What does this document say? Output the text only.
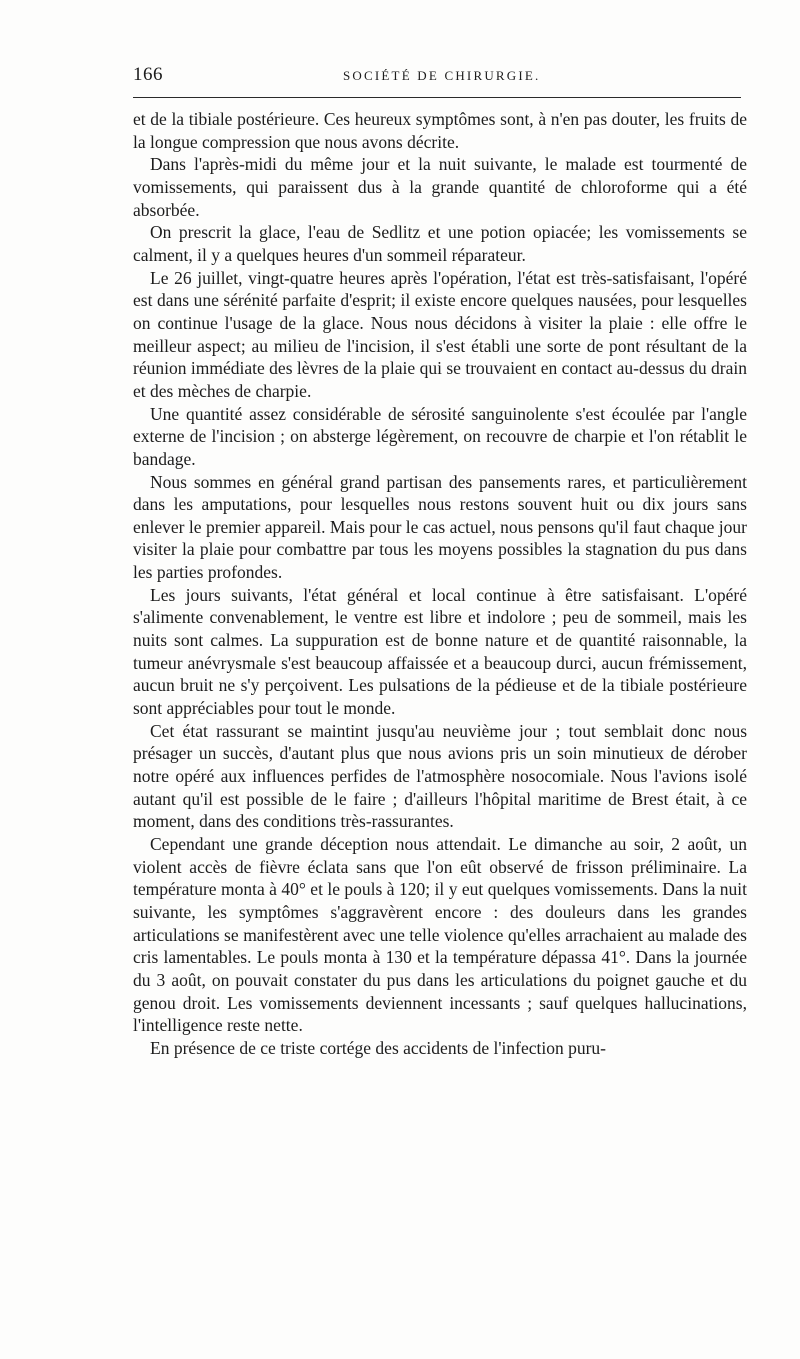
166	SOCIÉTÉ DE CHIRURGIE.

et de la tibiale postérieure. Ces heureux symptômes sont, à n'en pas douter, les fruits de la longue compression que nous avons décrite.

Dans l'après-midi du même jour et la nuit suivante, le malade est tourmenté de vomissements, qui paraissent dus à la grande quantité de chloroforme qui a été absorbée.

On prescrit la glace, l'eau de Sedlitz et une potion opiacée; les vomissements se calment, il y a quelques heures d'un sommeil réparateur.

Le 26 juillet, vingt-quatre heures après l'opération, l'état est très-satisfaisant, l'opéré est dans une sérénité parfaite d'esprit; il existe encore quelques nausées, pour lesquelles on continue l'usage de la glace. Nous nous décidons à visiter la plaie : elle offre le meilleur aspect; au milieu de l'incision, il s'est établi une sorte de pont résultant de la réunion immédiate des lèvres de la plaie qui se trouvaient en contact au-dessus du drain et des mèches de charpie.

Une quantité assez considérable de sérosité sanguinolente s'est écoulée par l'angle externe de l'incision ; on absterge légèrement, on recouvre de charpie et l'on rétablit le bandage.

Nous sommes en général grand partisan des pansements rares, et particulièrement dans les amputations, pour lesquelles nous restons souvent huit ou dix jours sans enlever le premier appareil. Mais pour le cas actuel, nous pensons qu'il faut chaque jour visiter la plaie pour combattre par tous les moyens possibles la stagnation du pus dans les parties profondes.

Les jours suivants, l'état général et local continue à être satisfaisant. L'opéré s'alimente convenablement, le ventre est libre et indolore ; peu de sommeil, mais les nuits sont calmes. La suppuration est de bonne nature et de quantité raisonnable, la tumeur anévrysmale s'est beaucoup affaissée et a beaucoup durci, aucun frémissement, aucun bruit ne s'y perçoivent. Les pulsations de la pédieuse et de la tibiale postérieure sont appréciables pour tout le monde.

Cet état rassurant se maintint jusqu'au neuvième jour ; tout semblait donc nous présager un succès, d'autant plus que nous avions pris un soin minutieux de dérober notre opéré aux influences perfides de l'atmosphère nosocomiale. Nous l'avions isolé autant qu'il est possible de le faire ; d'ailleurs l'hôpital maritime de Brest était, à ce moment, dans des conditions très-rassurantes.

Cependant une grande déception nous attendait. Le dimanche au soir, 2 août, un violent accès de fièvre éclata sans que l'on eût observé de frisson préliminaire. La température monta à 40° et le pouls à 120; il y eut quelques vomissements. Dans la nuit suivante, les symptômes s'aggravèrent encore : des douleurs dans les grandes articulations se manifestèrent avec une telle violence qu'elles arrachaient au malade des cris lamentables. Le pouls monta à 130 et la température dépassa 41°. Dans la journée du 3 août, on pouvait constater du pus dans les articulations du poignet gauche et du genou droit. Les vomissements deviennent incessants ; sauf quelques hallucinations, l'intelligence reste nette.

En présence de ce triste cortége des accidents de l'infection puru-
